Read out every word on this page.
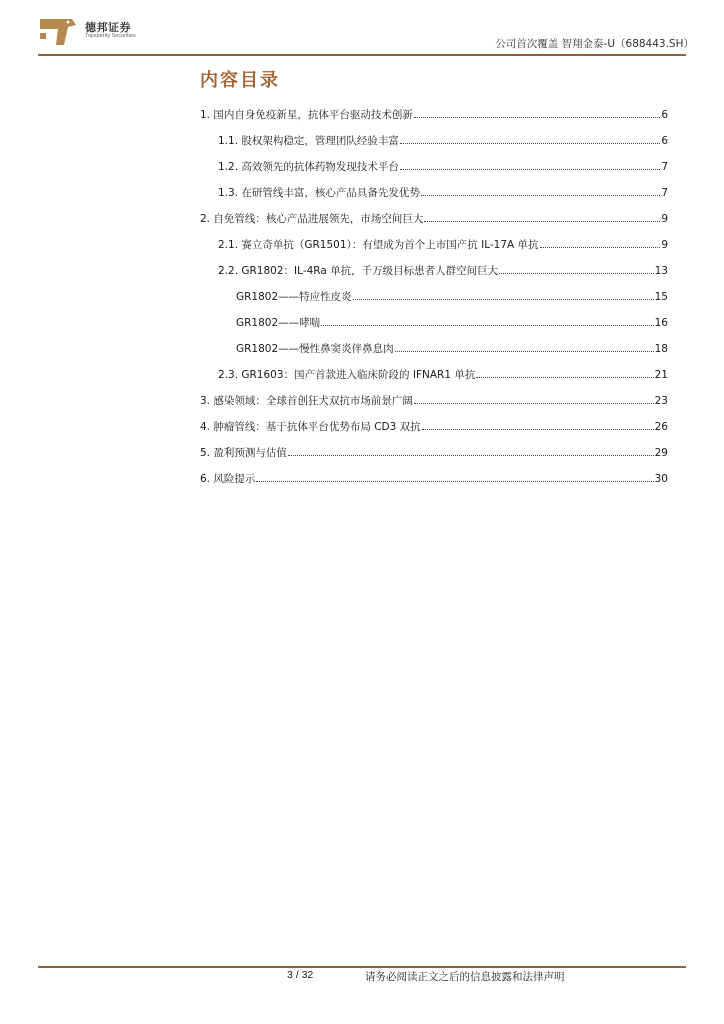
德邦证券
Topsperity Securities
公司首次覆盖 智翔金泰-U（688443.SH）
内容目录
1. 国内自身免疫新星，抗体平台驱动技术创新	6
1.1. 股权架构稳定，管理团队经验丰富	6
1.2. 高效领先的抗体药物发现技术平台	7
1.3. 在研管线丰富，核心产品具备先发优势	7
2. 自免管线：核心产品进展领先，市场空间巨大	9
2.1. 赛立奇单抗（GR1501）：有望成为首个上市国产抗 IL-17A 单抗	9
2.2. GR1802：IL-4Ra 单抗，千万级目标患者人群空间巨大	13
GR1802——特应性皮炎	15
GR1802——哮喘	16
GR1802——慢性鼻窦炎伴鼻息肉	18
2.3. GR1603：国产首款进入临床阶段的 IFNAR1 单抗	21
3. 感染领域：全球首创狂犬双抗市场前景广阔	23
4. 肿瘤管线：基于抗体平台优势布局 CD3 双抗	26
5. 盈利预测与估值	29
6. 风险提示	30
3 / 32	请务必阅读正文之后的信息披露和法律声明
